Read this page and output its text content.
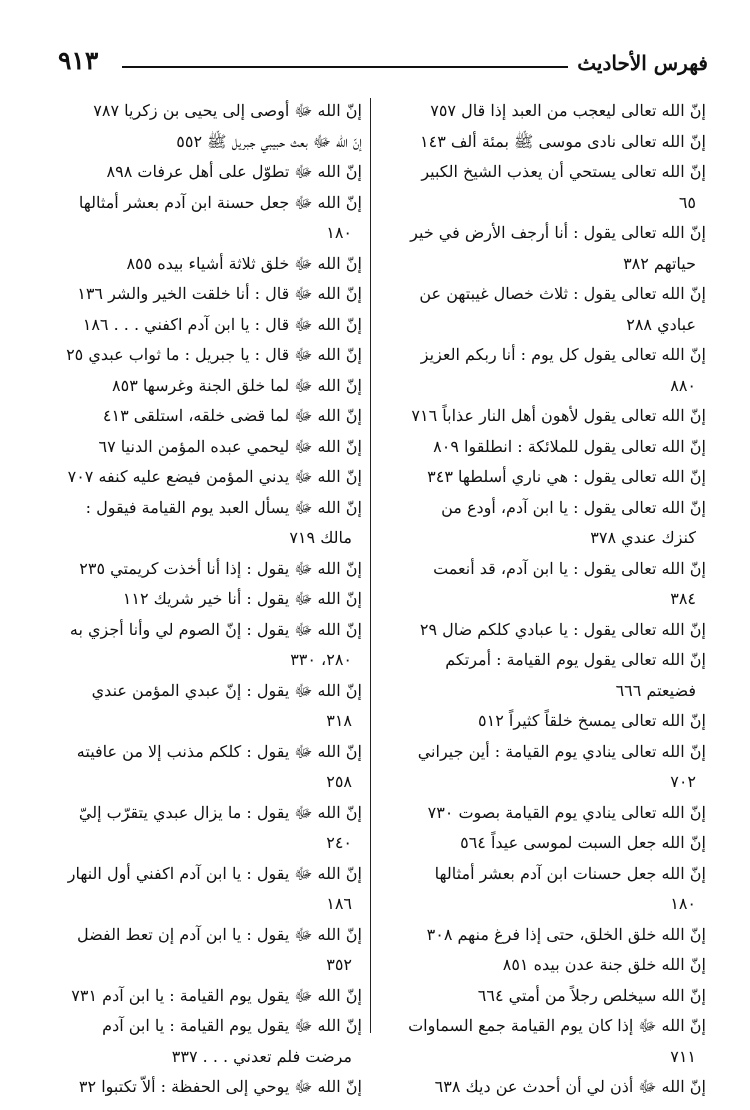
٩١٣	فهرس الأحاديث
إنّ الله تعالى ليعجب من العبد إذا قال ٧٥٧
إنّ الله تعالى نادى موسى ﷺ بمئة ألف ١٤٣
إنّ الله تعالى يستحي أن يعذب الشيخ الكبير ٦٥
إنّ الله تعالى يقول : أنا أرجف الأرض في خير حياتهم ٣٨٢
إنّ الله تعالى يقول : ثلاث خصال غيبتهن عن عبادي ٢٨٨
إنّ الله تعالى يقول كل يوم : أنا ربكم العزيز ٨٨٠
إنّ الله تعالى يقول لأهون أهل النار عذاباً ٧١٦
إنّ الله تعالى يقول للملائكة : انطلقوا ٨٠٩
إنّ الله تعالى يقول : هي ناري أسلطها ٣٤٣
إنّ الله تعالى يقول : يا ابن آدم، أودع من كنزك عندي ٣٧٨
إنّ الله تعالى يقول : يا ابن آدم، قد أنعمت ٣٨٤
إنّ الله تعالى يقول : يا عبادي كلكم ضال ٢٩
إنّ الله تعالى يقول يوم القيامة : أمرتكم فضيعتم ٦٦٦
إنّ الله تعالى يمسخ خلقاً كثيراً ٥١٢
إنّ الله تعالى ينادي يوم القيامة : أين جيراني ٧٠٢
إنّ الله تعالى ينادي يوم القيامة بصوت ٧٣٠
إنّ الله جعل السبت لموسى عيداً ٥٦٤
إنّ الله جعل حسنات ابن آدم بعشر أمثالها ١٨٠
إنّ الله خلق الخلق، حتى إذا فرغ منهم ٣٠٨
إنّ الله خلق جنة عدن بيده ٨٥١
إنّ الله سيخلص رجلاً من أمتي ٦٦٤
إنّ الله ﷻ إذا كان يوم القيامة جمع السماوات ٧١١
إنّ الله ﷻ أذن لي أن أحدث عن ديك ٦٣٨
إنّ الله ﷻ أوصى إلى يحيى بن زكريا ٧٨٧
إنّ الله ﷻ بعث حبيبي جبريل ﷺ ٥٥٢
إنّ الله ﷻ تطوّل على أهل عرفات ٨٩٨
إنّ الله ﷻ جعل حسنة ابن آدم بعشر أمثالها ١٨٠
إنّ الله ﷻ خلق ثلاثة أشياء بيده ٨٥٥
إنّ الله ﷻ قال : أنا خلقت الخير والشر ١٣٦
إنّ الله ﷻ قال : يا ابن آدم اكفني . . . ١٨٦
إنّ الله ﷻ قال : يا جبريل : ما ثواب عبدي ٢٥
إنّ الله ﷻ لما خلق الجنة وغرسها ٨٥٣
إنّ الله ﷻ لما قضى خلقه، استلقى ٤١٣
إنّ الله ﷻ ليحمي عبده المؤمن الدنيا ٦٧
إنّ الله ﷻ يدني المؤمن فيضع عليه كنفه ٧٠٧
إنّ الله ﷻ يسأل العبد يوم القيامة فيقول : مالك ٧١٩
إنّ الله ﷻ يقول : إذا أنا أخذت كريمتي ٢٣٥
إنّ الله ﷻ يقول : أنا خير شريك ١١٢
إنّ الله ﷻ يقول : إنّ الصوم لي وأنا أجزي به ٢٨٠، ٣٣٠
إنّ الله ﷻ يقول : إنّ عبدي المؤمن عندي ٣١٨
إنّ الله ﷻ يقول : كلكم مذنب إلا من عافيته ٢٥٨
إنّ الله ﷻ يقول : ما يزال عبدي يتقرّب إليّ ٢٤٠
إنّ الله ﷻ يقول : يا ابن آدم اكفني أول النهار ١٨٦
إنّ الله ﷻ يقول : يا ابن آدم إن تعط الفضل ٣٥٢
إنّ الله ﷻ يقول يوم القيامة : يا ابن آدم ٧٣١
إنّ الله ﷻ يقول يوم القيامة : يا ابن آدم مرضت فلم تعدني . . . ٣٣٧
إنّ الله ﷻ يوحي إلى الحفظة : ألاّ تكتبوا ٣٢
